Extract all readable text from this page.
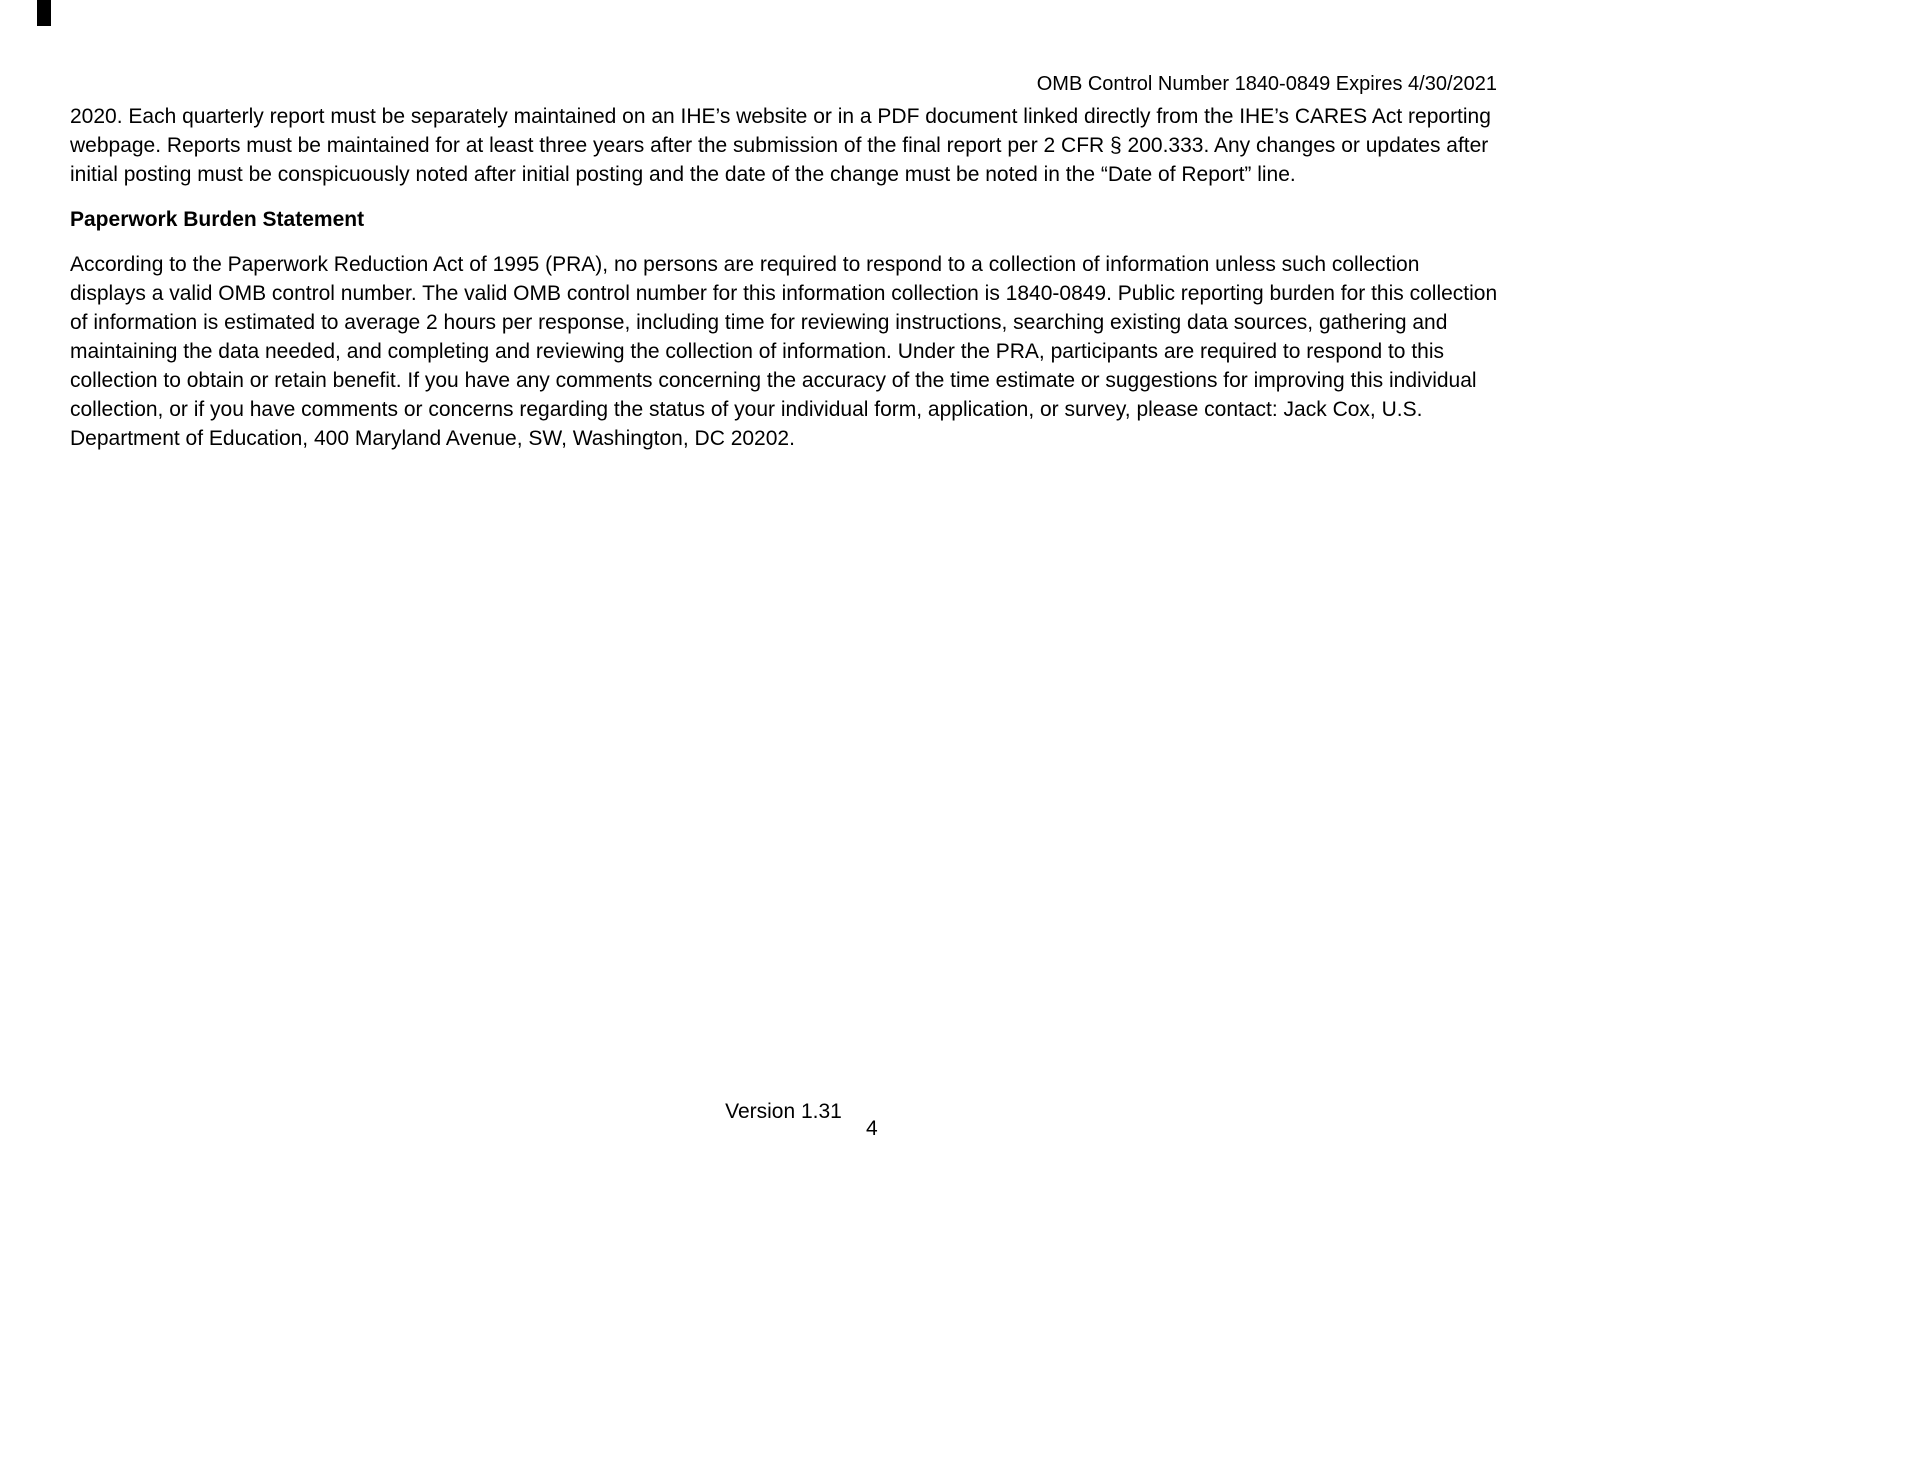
OMB Control Number 1840-0849 Expires 4/30/2021

2020. Each quarterly report must be separately maintained on an IHE’s website or in a PDF document linked directly from the IHE’s CARES Act reporting webpage. Reports must be maintained for at least three years after the submission of the final report per 2 CFR § 200.333. Any changes or updates after initial posting must be conspicuously noted after initial posting and the date of the change must be noted in the “Date of Report” line.

Paperwork Burden Statement

According to the Paperwork Reduction Act of 1995 (PRA), no persons are required to respond to a collection of information unless such collection displays a valid OMB control number. The valid OMB control number for this information collection is 1840-0849. Public reporting burden for this collection of information is estimated to average 2 hours per response, including time for reviewing instructions, searching existing data sources, gathering and maintaining the data needed, and completing and reviewing the collection of information. Under the PRA, participants are required to respond to this collection to obtain or retain benefit. If you have any comments concerning the accuracy of the time estimate or suggestions for improving this individual collection, or if you have comments or concerns regarding the status of your individual form, application, or survey, please contact: Jack Cox, U.S. Department of Education, 400 Maryland Avenue, SW, Washington, DC 20202.

Version 1.31
4
